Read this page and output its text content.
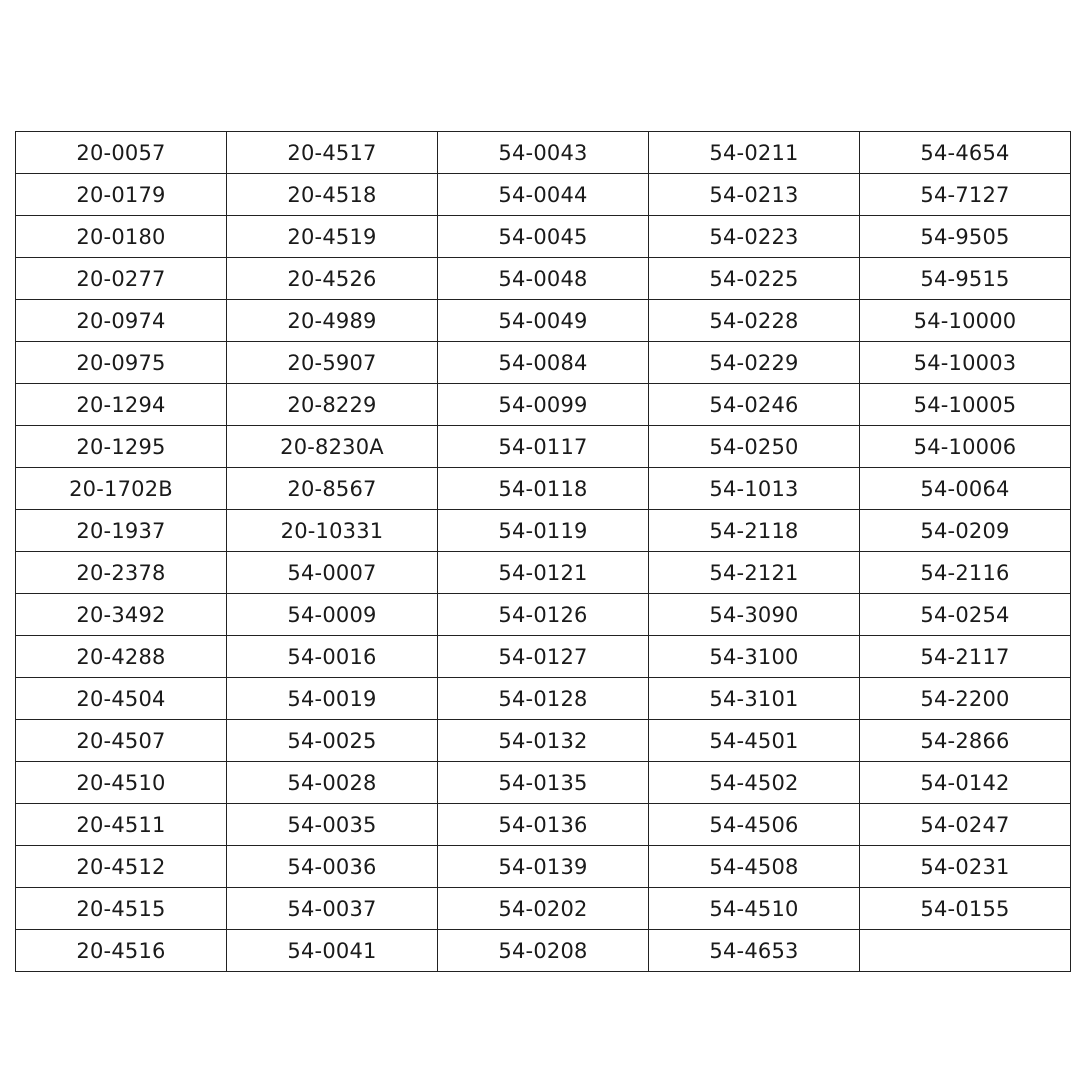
20-0057	20-4517	54-0043	54-0211	54-4654
20-0179	20-4518	54-0044	54-0213	54-7127
20-0180	20-4519	54-0045	54-0223	54-9505
20-0277	20-4526	54-0048	54-0225	54-9515
20-0974	20-4989	54-0049	54-0228	54-10000
20-0975	20-5907	54-0084	54-0229	54-10003
20-1294	20-8229	54-0099	54-0246	54-10005
20-1295	20-8230A	54-0117	54-0250	54-10006
20-1702B	20-8567	54-0118	54-1013	54-0064
20-1937	20-10331	54-0119	54-2118	54-0209
20-2378	54-0007	54-0121	54-2121	54-2116
20-3492	54-0009	54-0126	54-3090	54-0254
20-4288	54-0016	54-0127	54-3100	54-2117
20-4504	54-0019	54-0128	54-3101	54-2200
20-4507	54-0025	54-0132	54-4501	54-2866
20-4510	54-0028	54-0135	54-4502	54-0142
20-4511	54-0035	54-0136	54-4506	54-0247
20-4512	54-0036	54-0139	54-4508	54-0231
20-4515	54-0037	54-0202	54-4510	54-0155
20-4516	54-0041	54-0208	54-4653	
